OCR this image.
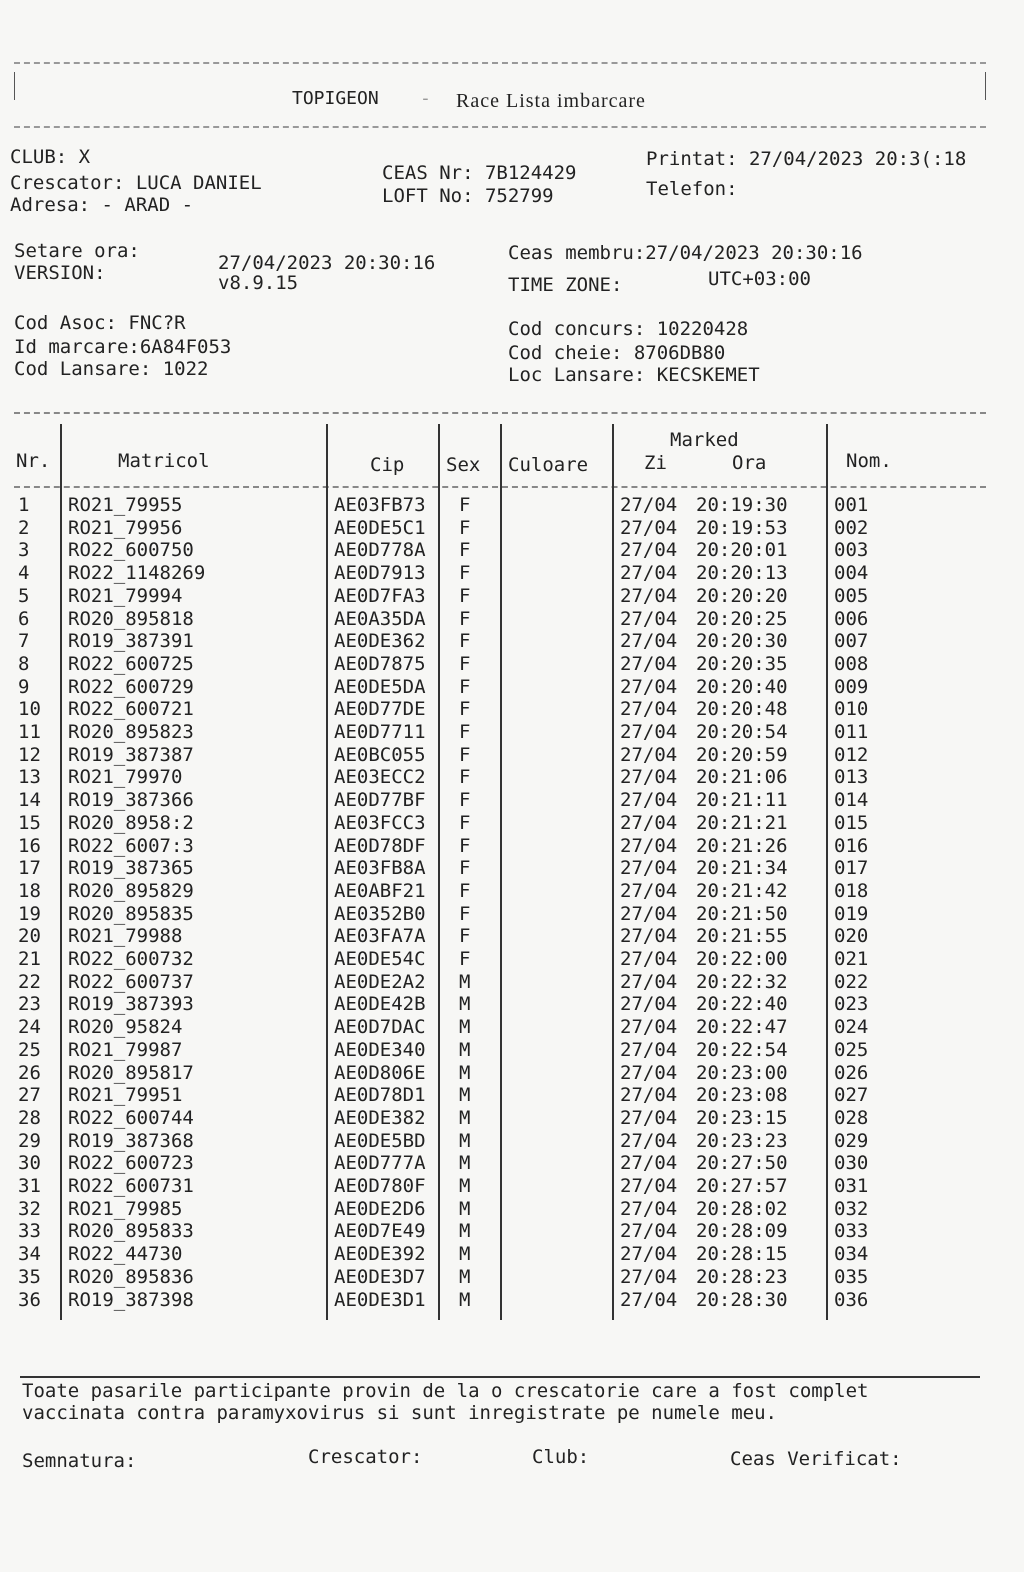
TOPIGEON - Race Lista imbarcare
CLUB: X
Crescator: LUCA DANIEL
Adresa: - ARAD -
CEAS Nr: 7B124429
LOFT No: 752799
Printat: 27/04/2023 20:3(:18
Telefon:
Setare ora:
VERSION:	27/04/2023 20:30:16
v8.9.15
Ceas membru:27/04/2023 20:30:16
TIME ZONE:	UTC+03:00
Cod Asoc: FNC?R
Id marcare:6A84F053
Cod Lansare: 1022
Cod concurs: 10220428
Cod cheie: 8706DB80
Loc Lansare: KECSKEMET
Nr.	Matricol	Cip Sex Culoare
Marked
Zi	Ora	Nom.
1 RO21_79955	AE03FB73 F	27/04 20:19:30 001
2 RO21_79956	AE0DE5C1 F	27/04 20:19:53 002
3 RO22_600750	AE0D778A F	27/04 20:20:01 003
4 RO22_1148269	AE0D7913 F	27/04 20:20:13 004
5 RO21_79994	AE0D7FA3 F	27/04 20:20:20 005
6 RO20_895818	AE0A35DA F	27/04 20:20:25 006
7 RO19_387391	AE0DE362 F	27/04 20:20:30 007
8 RO22_600725	AE0D7875 F	27/04 20:20:35 008
9 RO22_600729	AE0DE5DA F	27/04 20:20:40 009
10 RO22_600721	AE0D77DE F	27/04 20:20:48 010
11 RO20_895823	AE0D7711 F	27/04 20:20:54 011
12 RO19_387387	AE0BC055 F	27/04 20:20:59 012
13 RO21_79970	AE03ECC2 F	27/04 20:21:06 013
14 RO19_387366	AE0D77BF F	27/04 20:21:11 014
15 RO20_8958:2	AE03FCC3 F	27/04 20:21:21 015
16 RO22_6007:3	AE0D78DF F	27/04 20:21:26 016
17 RO19_387365	AE03FB8A F	27/04 20:21:34 017
18 RO20_895829	AE0ABF21 F	27/04 20:21:42 018
19 RO20_895835	AE0352B0 F	27/04 20:21:50 019
20 RO21_79988	AE03FA7A F	27/04 20:21:55 020
21 RO22_600732	AE0DE54C F	27/04 20:22:00 021
22 RO22_600737	AE0DE2A2 M	27/04 20:22:32 022
23 RO19_387393	AE0DE42B M	27/04 20:22:40 023
24 RO20_95824	AE0D7DAC M	27/04 20:22:47 024
25 RO21_79987	AE0DE340 M	27/04 20:22:54 025
26 RO20_895817	AE0D806E M	27/04 20:23:00 026
27 RO21_79951	AE0D78D1 M	27/04 20:23:08 027
28 RO22_600744	AE0DE382 M	27/04 20:23:15 028
29 RO19_387368	AE0DE5BD M	27/04 20:23:23 029
30 RO22_600723	AE0D777A M	27/04 20:27:50 030
31 RO22_600731	AE0D780F M	27/04 20:27:57 031
32 RO21_79985	AE0DE2D6 M	27/04 20:28:02 032
33 RO20_895833	AE0D7E49 M	27/04 20:28:09 033
34 RO22_44730	AE0DE392 M	27/04 20:28:15 034
35 RO20_895836	AE0DE3D7 M	27/04 20:28:23 035
36 RO19_387398	AE0DE3D1 M	27/04 20:28:30 036
Toate pasarile participante provin de la o crescatorie care a fost complet
vaccinata contra paramyxovirus si sunt inregistrate pe numele meu.
Semnatura:	Crescator:	Club:	Ceas Verificat:
